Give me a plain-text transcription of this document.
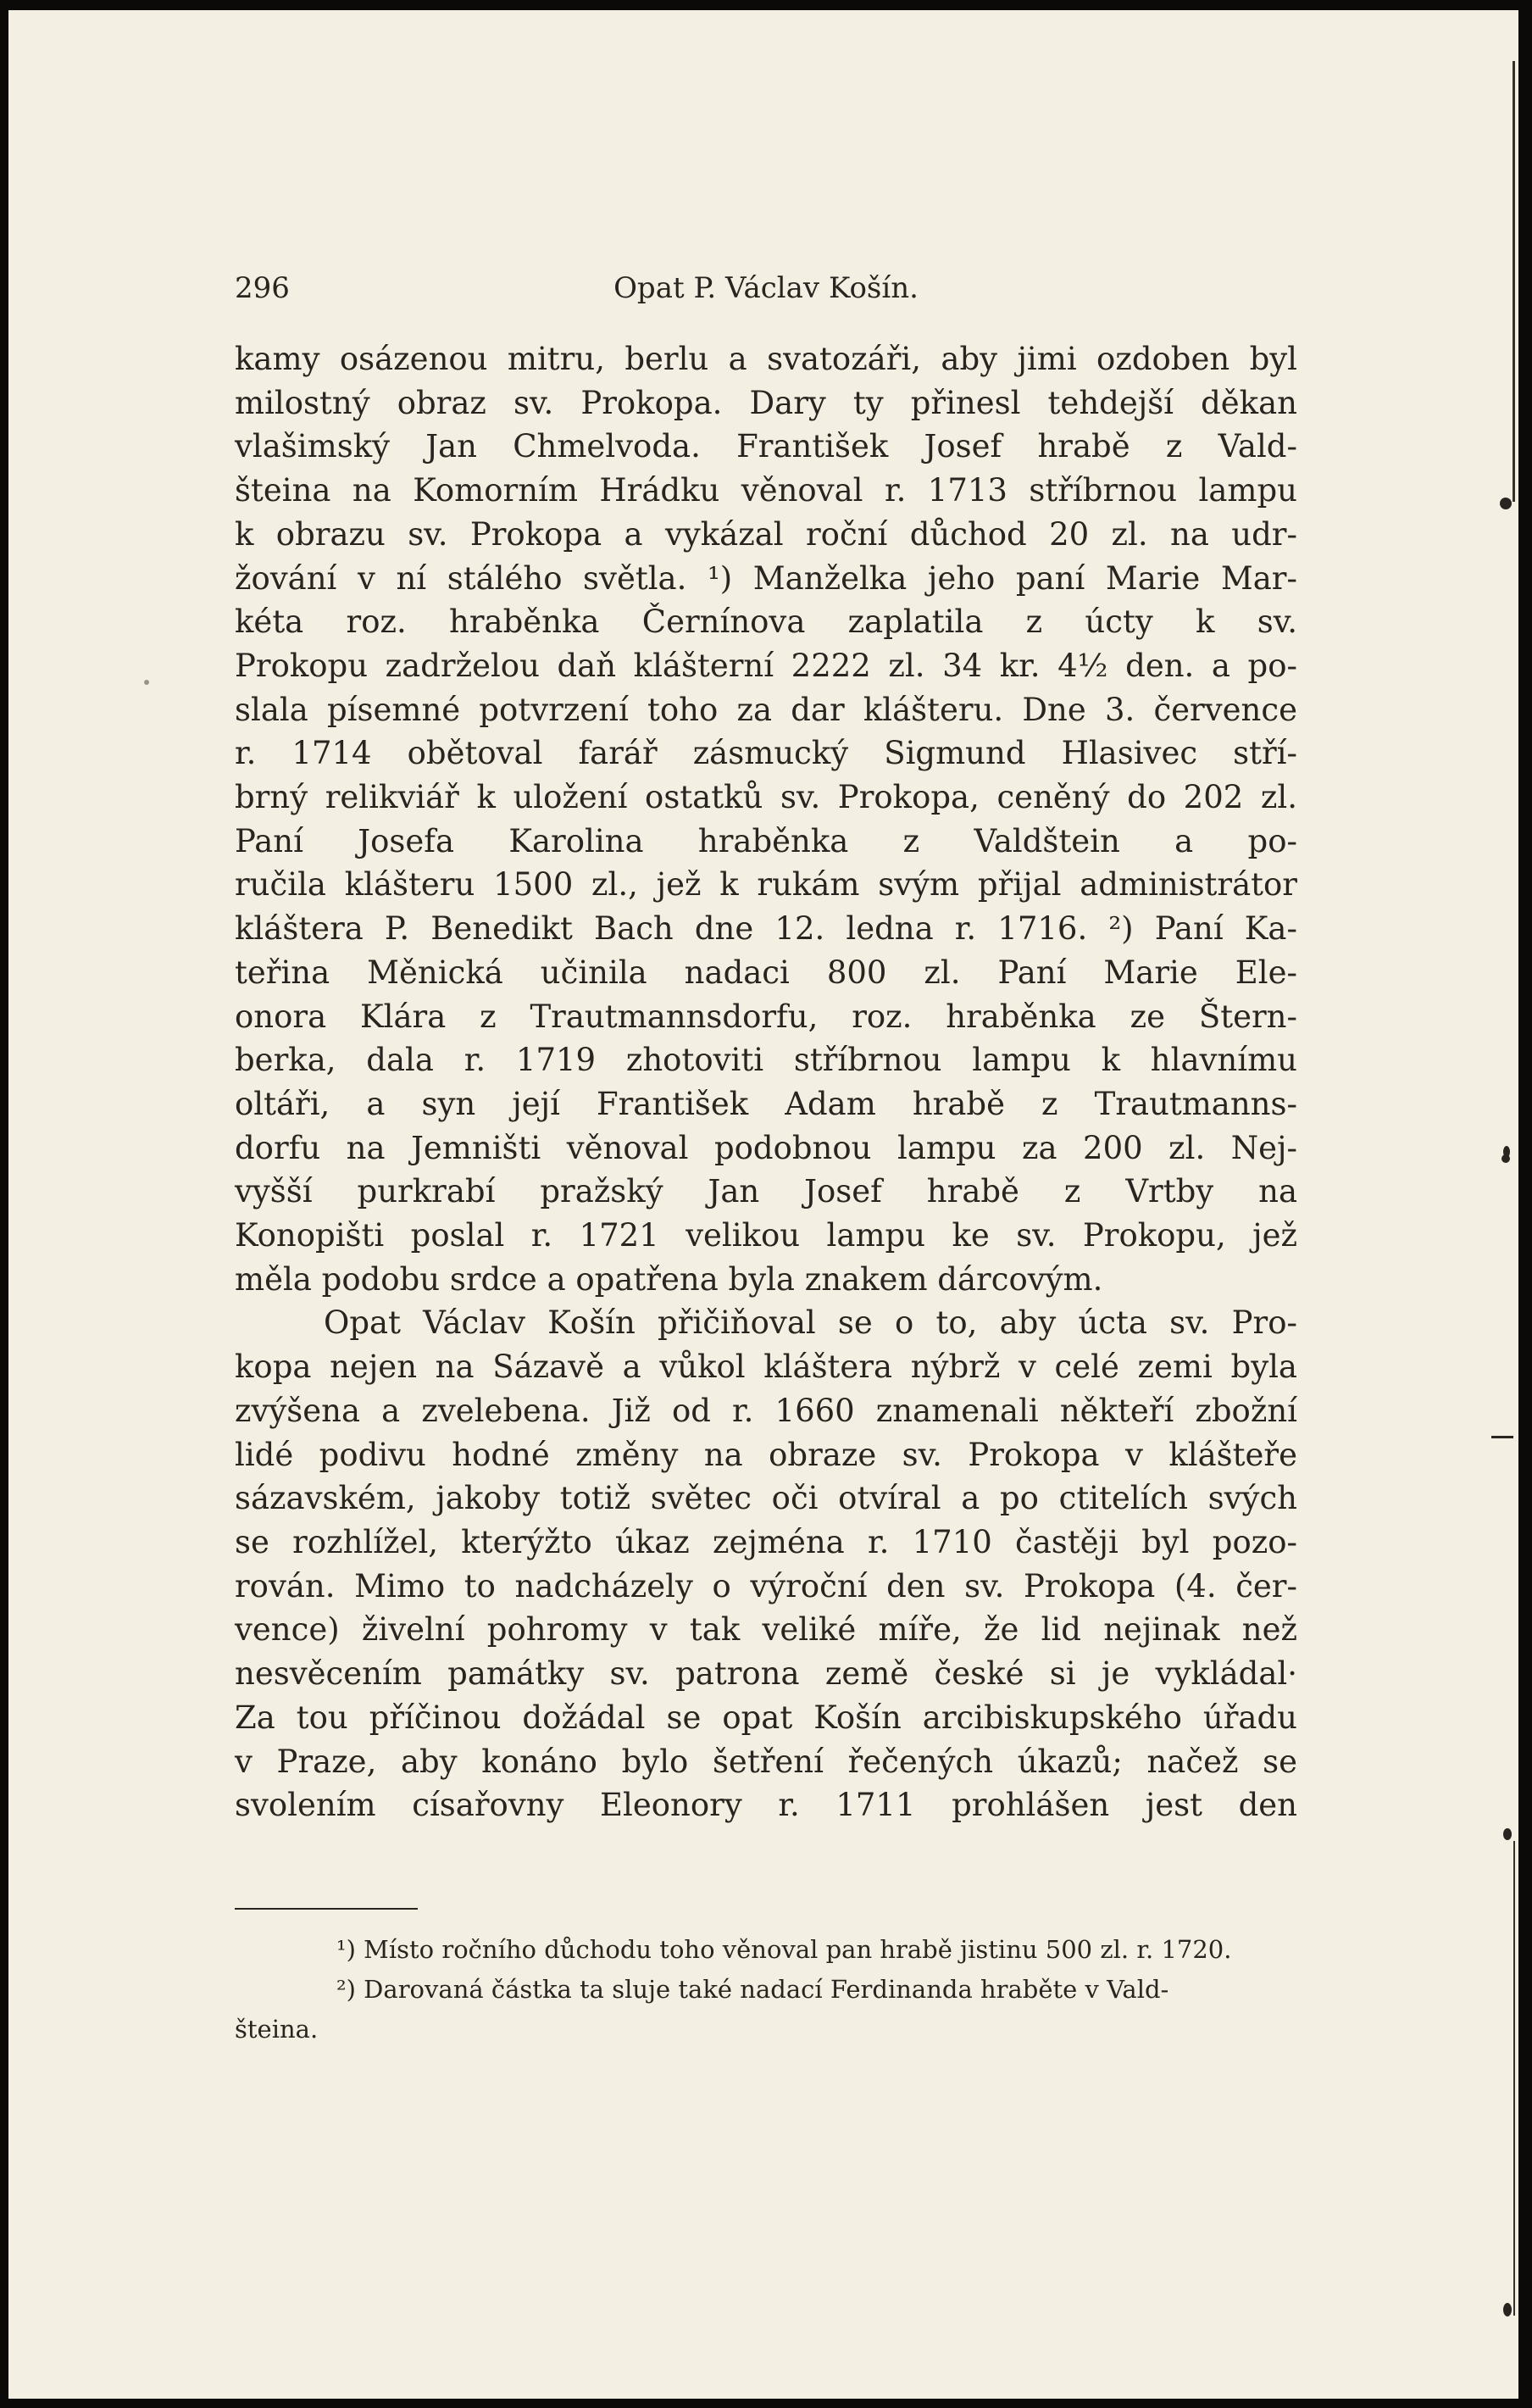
296	Opat P. Václav Košín.
kamy osázenou mitru, berlu a svatozáři, aby jimi ozdoben byl
milostný obraz sv. Prokopa. Dary ty přinesl tehdejší děkan
vlašimský Jan Chmelvoda. František Josef hrabě z Vald-
šteina na Komorním Hrádku věnoval r. 1713 stříbrnou lampu
k obrazu sv. Prokopa a vykázal roční důchod 20 zl. na udr-
žování v ní stálého světla. ¹) Manželka jeho paní Marie Mar-
kéta roz. hraběnka Černínova zaplatila z úcty k sv.
Prokopu zadrželou daň klášterní 2222 zl. 34 kr. 4½ den. a po-
slala písemné potvrzení toho za dar klášteru. Dne 3. července
r. 1714 obětoval farář zásmucký Sigmund Hlasivec stří-
brný relikviář k uložení ostatků sv. Prokopa, ceněný do 202 zl.
Paní Josefa Karolina hraběnka z Valdštein a po-
ručila klášteru 1500 zl., jež k rukám svým přijal administrátor
kláštera P. Benedikt Bach dne 12. ledna r. 1716. ²) Paní Ka-
teřina Měnická učinila nadaci 800 zl. Paní Marie Ele-
onora Klára z Trautmannsdorfu, roz. hraběnka ze Štern-
berka, dala r. 1719 zhotoviti stříbrnou lampu k hlavnímu
oltáři, a syn její František Adam hrabě z Trautmanns-
dorfu na Jemništi věnoval podobnou lampu za 200 zl. Nej-
vyšší purkrabí pražský Jan Josef hrabě z Vrtby na
Konopišti poslal r. 1721 velikou lampu ke sv. Prokopu, jež
měla podobu srdce a opatřena byla znakem dárcovým.
Opat Václav Košín přičiňoval se o to, aby úcta sv. Pro-
kopa nejen na Sázavě a vůkol kláštera nýbrž v celé zemi byla
zvýšena a zvelebena. Již od r. 1660 znamenali někteří zbožní
lidé podivu hodné změny na obraze sv. Prokopa v klášteře
sázavském, jakoby totiž světec oči otvíral a po ctitelích svých
se rozhlížel, kterýžto úkaz zejména r. 1710 častěji byl pozo-
rován. Mimo to nadcházely o výroční den sv. Prokopa (4. čer-
vence) živelní pohromy v tak veliké míře, že lid nejinak než
nesvěcením památky sv. patrona země české si je vykládal·
Za tou příčinou dožádal se opat Košín arcibiskupského úřadu
v Praze, aby konáno bylo šetření řečených úkazů; načež se
svolením císařovny Eleonory r. 1711 prohlášen jest den
¹) Místo ročního důchodu toho věnoval pan hrabě jistinu 500 zl. r. 1720.
²) Darovaná částka ta sluje také nadací Ferdinanda hraběte v Vald-
šteina.
